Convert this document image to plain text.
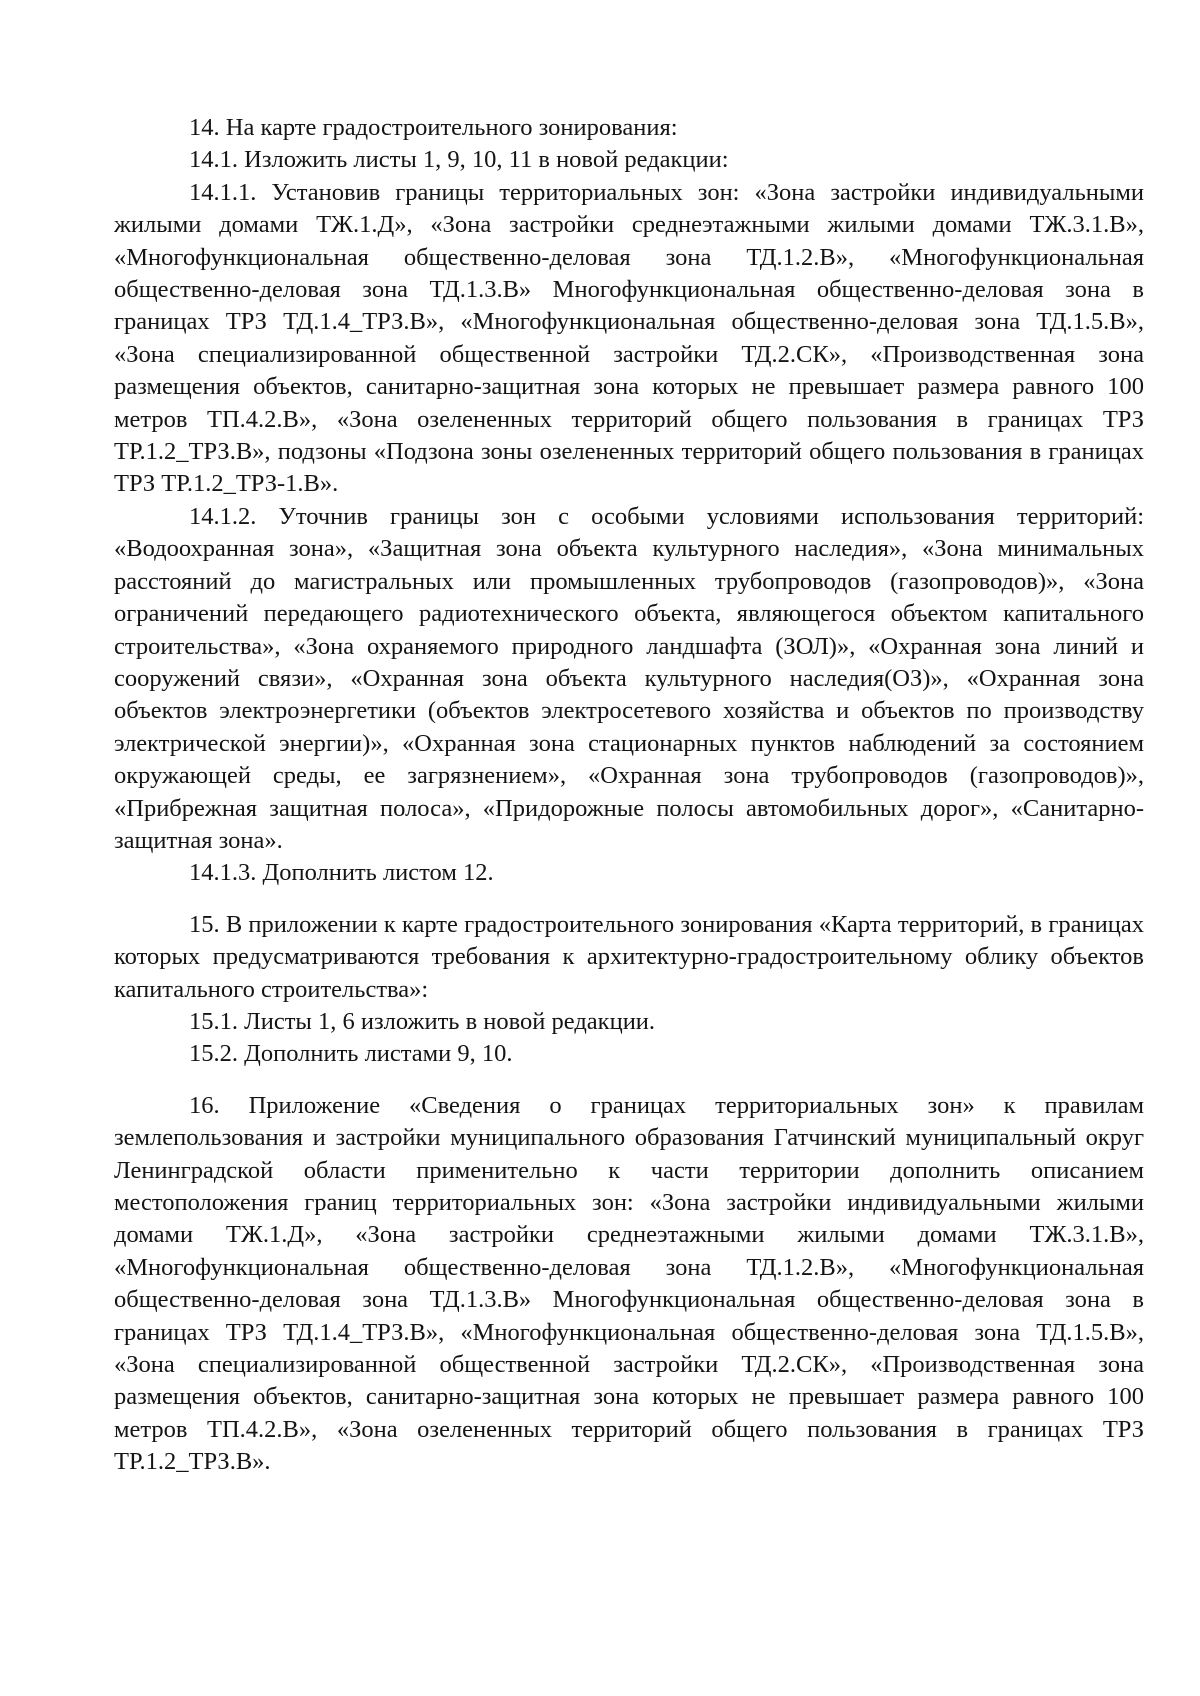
14. На карте градостроительного зонирования:

14.1. Изложить листы 1, 9, 10, 11 в новой редакции:

14.1.1. Установив границы территориальных зон: «Зона застройки индивидуальными жилыми домами ТЖ.1.Д», «Зона застройки среднеэтажными жилыми домами ТЖ.3.1.В», «Многофункциональная общественно-деловая зона ТД.1.2.В», «Многофункциональная общественно-деловая зона ТД.1.3.В» Многофункциональная общественно-деловая зона в границах ТРЗ ТД.1.4_ТРЗ.В», «Многофункциональная общественно-деловая зона ТД.1.5.В», «Зона специализированной общественной застройки ТД.2.СК», «Производственная зона размещения объектов, санитарно-защитная зона которых не превышает размера равного 100 метров ТП.4.2.В», «Зона озелененных территорий общего пользования в границах ТРЗ ТР.1.2_ТРЗ.В», подзоны «Подзона зоны озелененных территорий общего пользования в границах ТРЗ ТР.1.2_ТРЗ-1.В».

14.1.2. Уточнив границы зон с особыми условиями использования территорий: «Водоохранная зона», «Защитная зона объекта культурного наследия», «Зона минимальных расстояний до магистральных или промышленных трубопроводов (газопроводов)», «Зона ограничений передающего радиотехнического объекта, являющегося объектом капитального строительства», «Зона охраняемого природного ландшафта (ЗОЛ)», «Охранная зона линий и сооружений связи», «Охранная зона объекта культурного наследия(ОЗ)», «Охранная зона объектов электроэнергетики (объектов электросетевого хозяйства и объектов по производству электрической энергии)», «Охранная зона стационарных пунктов наблюдений за состоянием окружающей среды, ее загрязнением», «Охранная зона трубопроводов (газопроводов)», «Прибрежная защитная полоса», «Придорожные полосы автомобильных дорог», «Санитарно-защитная зона».

14.1.3. Дополнить листом 12.

15. В приложении к карте градостроительного зонирования «Карта территорий, в границах которых предусматриваются требования к архитектурно-градостроительному облику объектов капитального строительства»:

15.1. Листы 1, 6 изложить в новой редакции.

15.2. Дополнить листами 9, 10.

16. Приложение «Сведения о границах территориальных зон» к правилам землепользования и застройки муниципального образования Гатчинский муниципальный округ Ленинградской области применительно к части территории дополнить описанием местоположения границ территориальных зон: «Зона застройки индивидуальными жилыми домами ТЖ.1.Д», «Зона застройки среднеэтажными жилыми домами ТЖ.3.1.В», «Многофункциональная общественно-деловая зона ТД.1.2.В», «Многофункциональная общественно-деловая зона ТД.1.3.В» Многофункциональная общественно-деловая зона в границах ТРЗ ТД.1.4_ТРЗ.В», «Многофункциональная общественно-деловая зона ТД.1.5.В», «Зона специализированной общественной застройки ТД.2.СК», «Производственная зона размещения объектов, санитарно-защитная зона которых не превышает размера равного 100 метров ТП.4.2.В», «Зона озелененных территорий общего пользования в границах ТРЗ ТР.1.2_ТРЗ.В».
